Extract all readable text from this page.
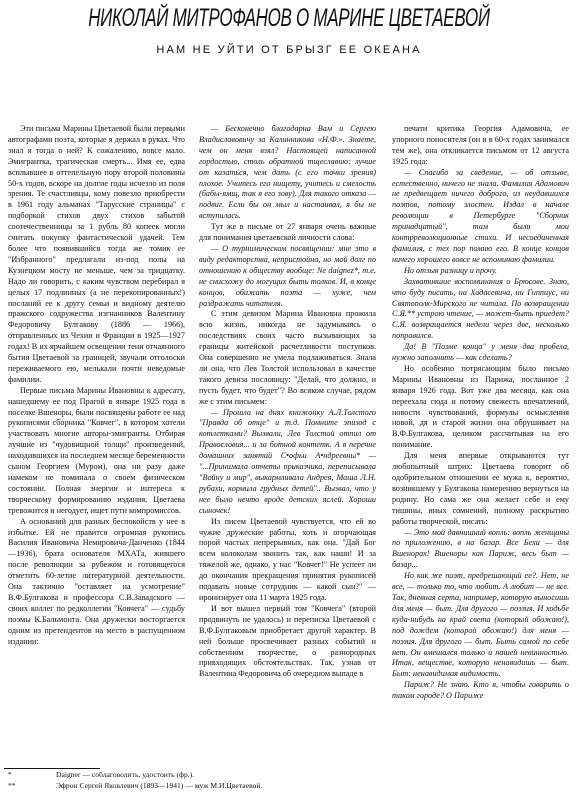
НИКОЛАЙ МИТРОФАНОВ О МАРИНЕ ЦВЕТАЕВОЙ
НАМ НЕ УЙТИ ОТ БРЫЗГ ЕЕ ОКЕАНА

Эти письма Марины Цветаевой были первыми автографами поэта, которые я держал в руках. Что знал я тогда о ней? К сожалению, вовсе мало. Эмигрантка, трагическая смерть... Имя ее, едва всплывшее в оттепельную пору второй половины 50-х годов, вскоре на долгие годы исчезло из поля зрения. Те счастливцы, кому повезло приобрести в 1961 году альманах "Тарусские страницы" с подборкой стихов двух стихов забытой соотечественницы за 1 рубль 80 копеек могли считать покупку фантастической удачей. Тем более что появившийся тогда же томик ее "Избранного" предлагали из-под полы на Кузнецком мосту не меньше, чем за тридцатку. Надо ли говорить, с каким чувством перебирал я целых 17 подлинных (а не перекопированных!) посланий ее к другу семьи и видному деятелю пражского содружества изгнанников Валентину Федоровичу Булгакову (1886 — 1966), отправленных из Чехии и Франции в 1925—1927 годах! В их ярчайшем освещении тени отчаянного бытия Цветаевой за границей, звучали отголоски переживаемого ею, мелькали почти неведомые фамилии.

Первые письма Марины Ивановны к адресату, нашедшему ее под Прагой в январе 1925 года в поселке Вшеноры, были посвящены работе ее над рукописями сборника "Ковчег", в котором хотели участвовать многие авторы-эмигранты. Отбирая лучшие из "чудовищной толщи" произведений, находившихся на последнем месяце беременности сыном Георгием (Муром), она ни разу даже намеком не поминала о своем физическом состоянии. Полная энергии и интереса к творческому формированию издания, Цветаева тревожится и негодует, ищет пути компромиссов.

А оснований для разных беспокойств у нее в избытке. Ей не правится огромная рукопись Василия Ивановича Немировича-Данченко (1844—1936), брата основателя МХАТа, жившего после революции за рубежом и готовящегося отметить 60-летие литературной деятельности. Она тактично "оставляет на усмотрение" В.Ф.Булгакова и профессора С.В.Завадского — своих коллег по редколлегии "Ковчега" — судьбу поэмы К.Бальмонта. Она дружески восторгается одним из претендентов на место в распущенном издании:

— Бесконечно благодарна Вам и Сергею Владиславовичу за Калинникова «Н.Ф.». Знаете, чем он меня взял? Настоящей написанной гордостью, столь обратной тщеславию: лучше от казаться, чем дать (с его точки зрения) плохое. Учитесь его нищету, учитесь и смелость (бабы-ямщ, так я его зову). Для такого отказа — подвиг. Если бы он мыл и настаивал, я бы не вступилась.

Тут же в письме от 27 января очень важные для понимания цветаевской личности слова:

— О турнимическом посвящении: мне это в виду редакторства, непристойно, но мой долг по отношению к обществу вообще: Ne daignez*, т.е. не снисхожу до могущих быть толков. И, в конце концов, обижать поэта — хуже, чем раздражать читателя.

С этим девизом Марина Ивановна прожила всю жизнь, никогда не задумываясь о последствиях своих часто вызывающих за границы житейской расчетливости поступков. Она совершенно не умела подлаживаться. Знала ли она, что Лев Толстой использовал в качестве такого девиза пословицу: "Делай, что должно, и пусть будет, что будет"? Во всяком случае, рядом же с этим письмем:

— Прошла на днях книжонку А.Л.Толстого "Правда об отце" и т.д. Помните эпизод с котлетками? Вызвали, Лев Толстой отпил от Правословия... и за ботной контетк. А в перечне домашних занятий С•офьи А•ндреевны* — "...Принимала отчеты приказчика, переписывала "Войну и мир", выкармливала Андрея, Маша Л.Н. рубахи, кормила грудных детей".. Вызвал, что у нее было нечто вроде детских яслей. Хороши сыночек!

Из писем Цветаевой чувствуется, что ей во чужие дружеские работы, хоть и огорчающая порой частых непрерывных, как она. "Дай Бог всем колоколам звонить так, как наши! И за тяжелой же, однако, у нас "Ковчег!" Не успеет ли до окончания прекращения принятия рукописей подавать новые сотрудник — какой сын?" — иронизирует она 11 марта 1925 года.

И вот вышел первый том "Ковчега" (второй продвинуть не удалось) и переписка Цветаевой с В.Ф.Булгаковым приобретает другой характер. В ней больше просвечивает разных событий и собственном творчестве, о разнородных привходящих обстоятельствах. Так, узнав от Валентина Федоровича об очередном выпаде в

печати критика Георгия Адамовича, ее упорного поносителя (он и в 60-х годах занимался тем же), она откликается письмом от 12 августа 1925 года:

— Спасибо за сведение, — об отзыве, естественно, ничего не знала. Фамилия Адамович не предвещает ничего доброго, из неудавшихся поэтов, потому злостен. Издал в начале революции в Петербурге "Сборник тринадцатый", там были мои контрреволюционные стихи. И несоединенная фамилия, с тех пор помню его. В конце концов ничего хорошего вовсе не вспоминаю фамилии.

Но отзыв разницу и прочу.

Захватившие воспоминания о Брюсове. Знаю, что буду писать, на Ходасевича, ни Гиппиус, ни Святополк-Мирского не читала. По возвращении С.Я.** устрою чтение, — может-быть приедет? С.Я. возвращается недели через две, несколько поправился.

Да! В "Поэме конца" у меня два пробела, нужно заполнить — как сделать?

Но особенно потрясающим было письмо Марины Ивановны из Парижа, посланное 2 января 1926 года. Вот уже два месяца, как она переехала сюда и потому свежесть впечатлений, новости чувствований, формулы осмысления новой, дя и старой жизни она обрушивает на В.Ф.Булгакова, целиком рассчитывая на его понимание.

Для меня впервые открываются тут любопытный штрих: Цветаева говорит об одобрительном отношении ее мужа к, вероятно, возникшему у Булгакова намерению вернуться на родину. Но сама же она желает себе и ему тишины, иных сомнений, полному раскрытию работы творческой, писать:

— Это мой давнишний вопль: вопль женщины по приложению, в на базар. Все Бехи — для Вшенорах! Вшеноры как Париж, весь быт — базар...

Но как же поэт, предрешающий ее?. Нет, не все, — только то, что любит. А любит — не все. Так, дневная серта, например, которую выносишь для меня — быт. Для другого — поэзия. И ходьбе куда-нибудь на край света (который обожаю!), под дождем (которой обожаю!) для меня — поэзия. Для другого — быт. Быть самой по себе нет. Он вмешался только и нашей невинностью. Итак, веществе, которую ненавидишь — быт. Быт: ненавидимая видимость.

Париж? Не знаю. Кто я, чтобы говорить о таком городе? О Париже

*	Daigner — соблаговолить, удостоить (фр.).
**	Эфрон Сергей Яковлевич (1893—1941) — муж М.И.Цветаевой.
